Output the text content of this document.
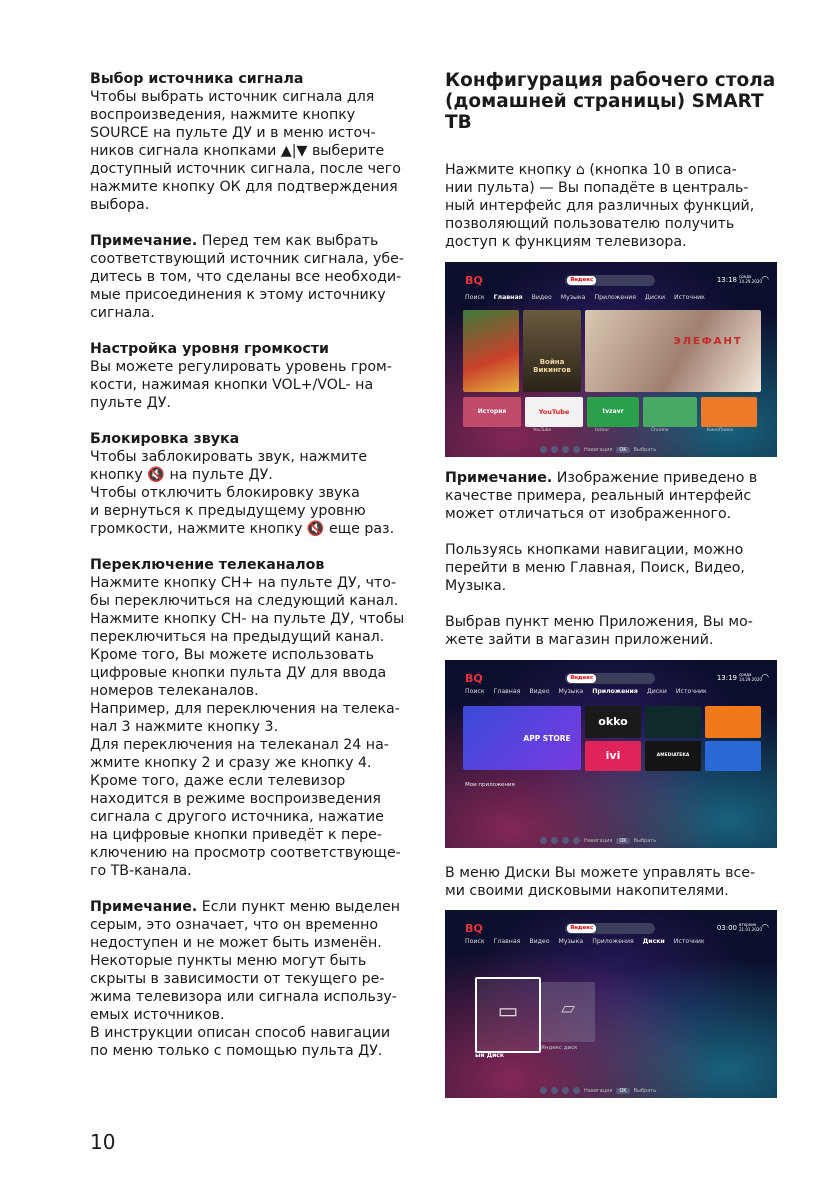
Выбор источника сигнала

Чтобы выбрать источник сигнала для
воспроизведения, нажмите кнопку
SOURCE на пульте ДУ и в меню источ-
ников сигнала кнопками ▲|▼ выберите
доступный источник сигнала, после чего
нажмите кнопку ОК для подтверждения
выбора.

Примечание. Перед тем как выбрать
соответствующий источник сигнала, убе-
дитесь в том, что сделаны все необходи-
мые присоединения к этому источнику
сигнала.

Настройка уровня громкости

Вы можете регулировать уровень гром-
кости, нажимая кнопки VOL+/VOL- на
пульте ДУ.

Блокировка звука

Чтобы заблокировать звук, нажмите
кнопку 🔇 на пульте ДУ.
Чтобы отключить блокировку звука
и вернуться к предыдущему уровню
громкости, нажмите кнопку 🔇 еще раз.

Переключение телеканалов

Нажмите кнопку CH+ на пульте ДУ, что-
бы переключиться на следующий канал.
Нажмите кнопку CH- на пульте ДУ, чтобы
переключиться на предыдущий канал.
Кроме того, Вы можете использовать
цифровые кнопки пульта ДУ для ввода
номеров телеканалов.
Например, для переключения на телека-
нал 3 нажмите кнопку 3.
Для переключения на телеканал 24 на-
жмите кнопку 2 и сразу же кнопку 4.
Кроме того, даже если телевизор
находится в режиме воспроизведения
сигнала с другого источника, нажатие
на цифровые кнопки приведёт к пере-
ключению на просмотр соответствующе-
го ТВ-канала.

Примечание. Если пункт меню выделен
серым, это означает, что он временно
недоступен и не может быть изменён.
Некоторые пункты меню могут быть
скрыты в зависимости от текущего ре-
жима телевизора или сигнала использу-
емых источников.
В инструкции описан способ навигации
по меню только с помощью пульта ДУ.

Конфигурация рабочего стола
(домашней страницы) SMART ТВ

Нажмите кнопку ⌂ (кнопка 10 в описа-
нии пульта) — Вы попадёте в централь-
ный интерфейс для различных функций,
позволяющий пользователю получить
доступ к функциям телевизора.

Примечание. Изображение приведено в
качестве примера, реальный интерфейс
может отличаться от изображенного.

Пользуясь кнопками навигации, можно
перейти в меню Главная, Поиск, Видео,
Музыка.

Выбрав пункт меню Приложения, Вы мо-
жете зайти в магазин приложений.

В меню Диски Вы можете управлять все-
ми своими дисковыми накопителями.

BQ	Яндекс	13:18 среда 14.29.2020 ◠
Поиск Главная Видео Музыка Приложения Диски Источник
Война Викингов
ЭЛЕФАНТ
История	YouTube	tvzavr
YouTube	tvzavr	Chrome	КиноПоиск
Навигация	OK	Выбрать
BQ	Яндекс	13:19 среда 14.29.2020 ◠
Поиск Главная Видео Музыка Приложения Диски Источник
APP STORE
okko
ivi	AMEDIATEKA
Мои приложения
Навигация	OK	Выбрать
BQ	Яндекс	03:00 вторник 21.01.2020 ◠
Поиск Главная Видео Музыка Приложения Диски Источник
▭	▱
ый Диск
Яндекс диск
Навигация	OK	Выбрать
10
